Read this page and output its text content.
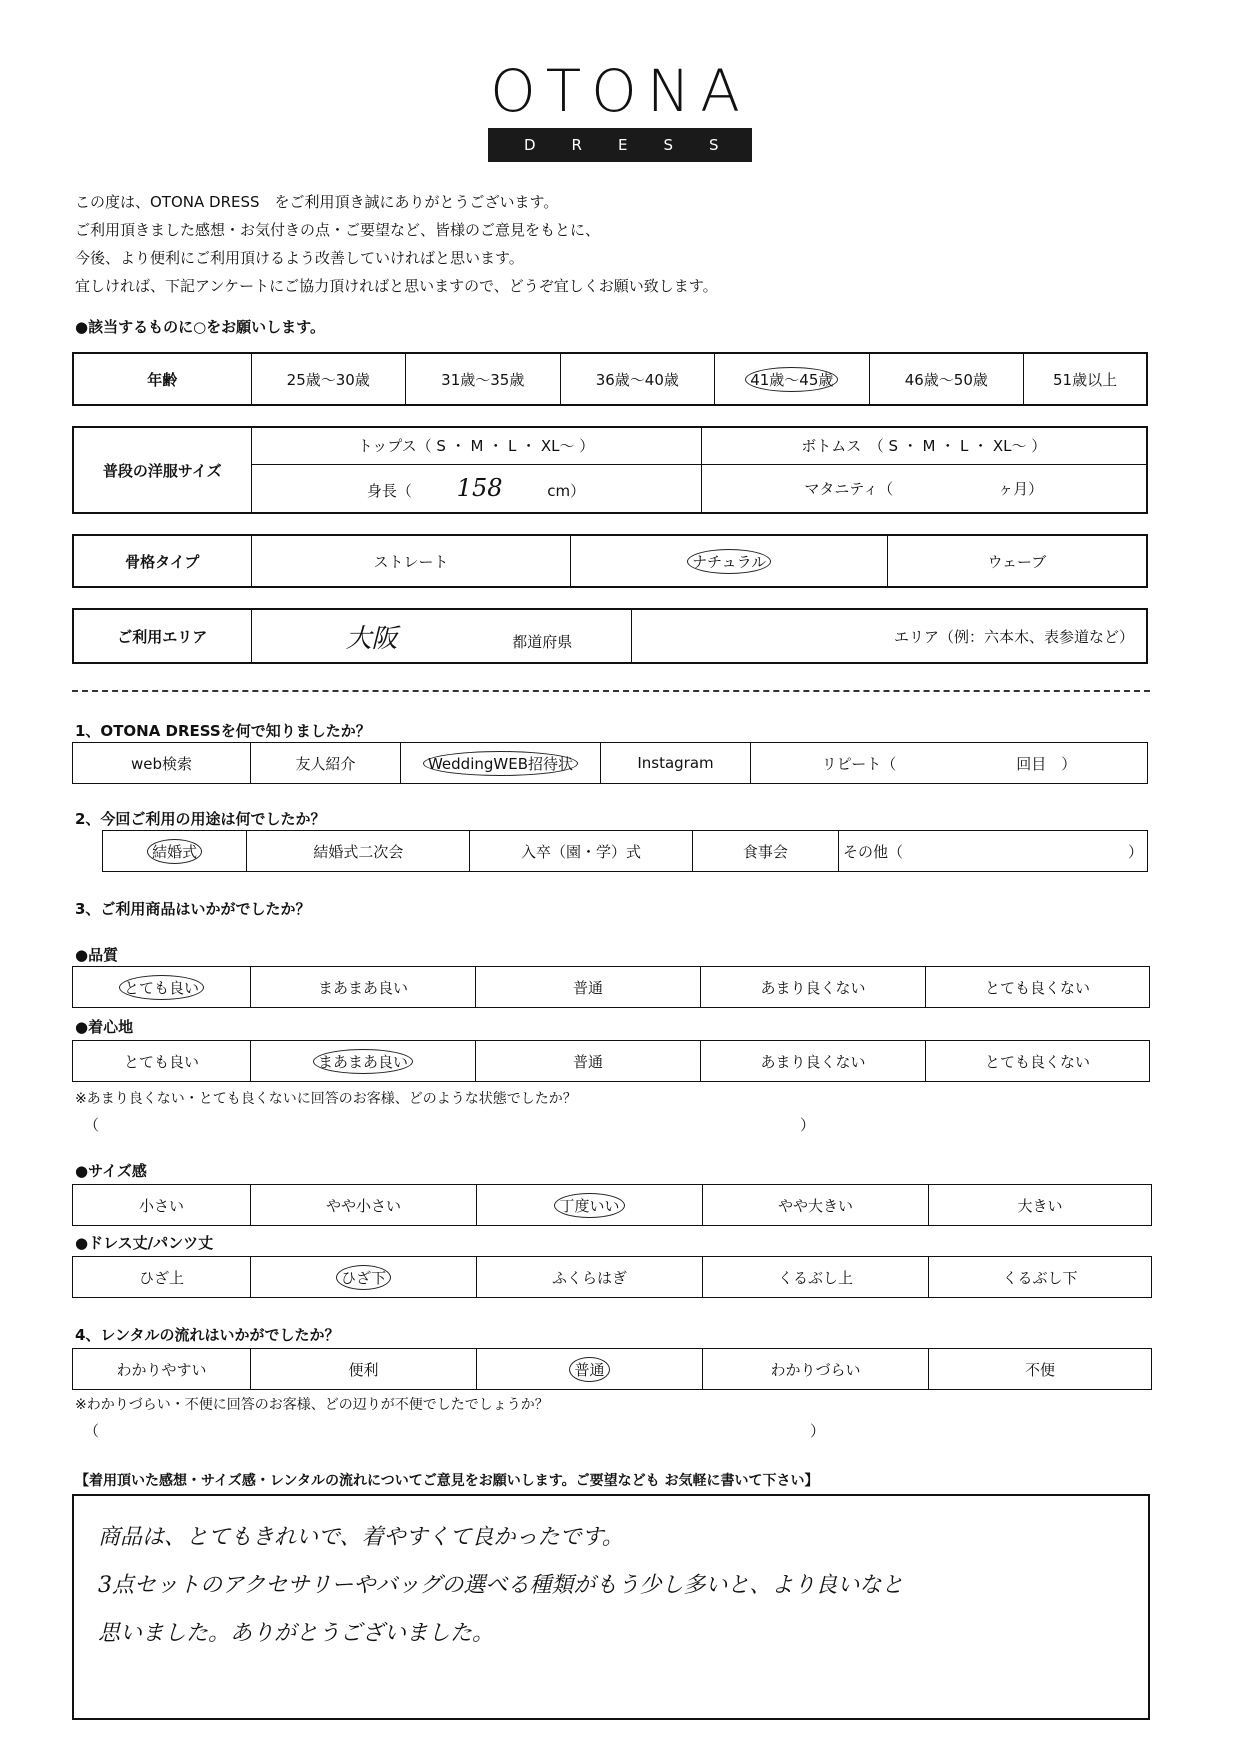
OTONA
DRESS

この度は、OTONA DRESS　をご利用頂き誠にありがとうございます。

ご利用頂きました感想・お気付きの点・ご要望など、皆様のご意見をもとに、

今後、より便利にご利用頂けるよう改善していければと思います。

宜しければ、下記アンケートにご協力頂ければと思いますので、どうぞ宜しくお願い致します。

●該当するものに○をお願いします。
年齢	25歳～30歳	31歳～35歳	36歳～40歳	41歳～45歳	46歳～50歳	51歳以上
普段の洋服サイズ	トップス（ S ・ M ・ L ・ XL～ ）	ボトムス　（ S ・ M ・ L ・ XL～ ）
	身長（ 158 cm）	マタニティ（　　　　　　　ヶ月）
骨格タイプ	ストレート	ナチュラル	ウェーブ
ご利用エリア	大阪	都道府県	エリア（例：六本木、表参道など）
1、OTONA DRESSを何で知りましたか？
web検索	友人紹介	WeddingWEB招待状	Instagram	リピート（　　　　　　　　回目　）
2、今回ご利用の用途は何でしたか？
結婚式	結婚式二次会	入卒（園・学）式	食事会	その他（　　　　　　　　　　　　　　　）
3、ご利用商品はいかがでしたか？
●品質
とても良い	まあまあ良い	普通	あまり良くない	とても良くない
●着心地
とても良い	まあまあ良い	普通	あまり良くない	とても良くない
※あまり良くない・とても良くないに回答のお客様、どのような状態でしたか？
（	）
●サイズ感
小さい	やや小さい	丁度いい	やや大きい	大きい
●ドレス丈/パンツ丈
ひざ上	ひざ下	ふくらはぎ	くるぶし上	くるぶし下
4、レンタルの流れはいかがでしたか？
わかりやすい	便利	普通	わかりづらい	不便
※わかりづらい・不便に回答のお客様、どの辺りが不便でしたでしょうか？
（	）
【着用頂いた感想・サイズ感・レンタルの流れについてご意見をお願いします。ご要望なども お気軽に書いて下さい】

商品は、とてもきれいで、着やすくて良かったです。

3点セットのアクセサリーやバッグの選べる種類がもう少し多いと、より良いなと

思いました。ありがとうございました。
